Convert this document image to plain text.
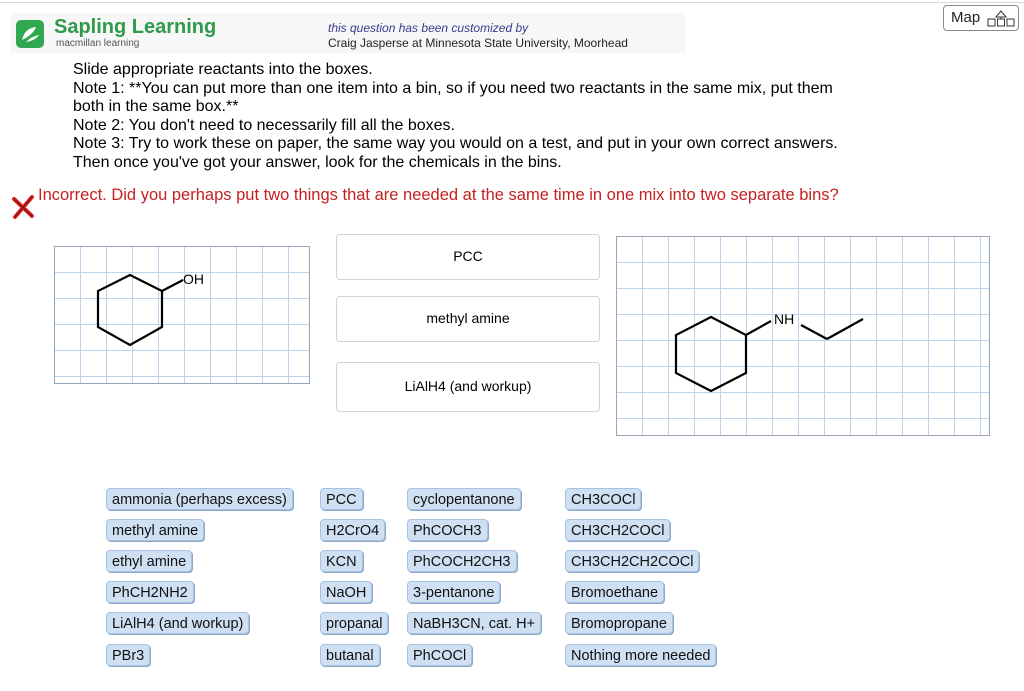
Sapling Learning
macmillan learning
this question has been customized by
Craig Jasperse at Minnesota State University, Moorhead
Map
Slide appropriate reactants into the boxes.
Note 1: **You can put more than one item into a bin, so if you need two reactants in the same mix, put them
both in the same box.**
Note 2: You don't need to necessarily fill all the boxes.
Note 3: Try to work these on paper, the same way you would on a test, and put in your own correct answers.
Then once you've got your answer, look for the chemicals in the bins.
Incorrect. Did you perhaps put two things that are needed at the same time in one mix into two separate bins?
OH
PCC
methyl amine
LiAlH4 (and workup)
NH
ammonia (perhaps excess)
methyl amine
ethyl amine
PhCH2NH2
LiAlH4 (and workup)
PBr3
PCC
H2CrO4
KCN
NaOH
propanal
butanal
cyclopentanone
PhCOCH3
PhCOCH2CH3
3-pentanone
NaBH3CN, cat. H+
PhCOCl
CH3COCl
CH3CH2COCl
CH3CH2CH2COCl
Bromoethane
Bromopropane
Nothing more needed
